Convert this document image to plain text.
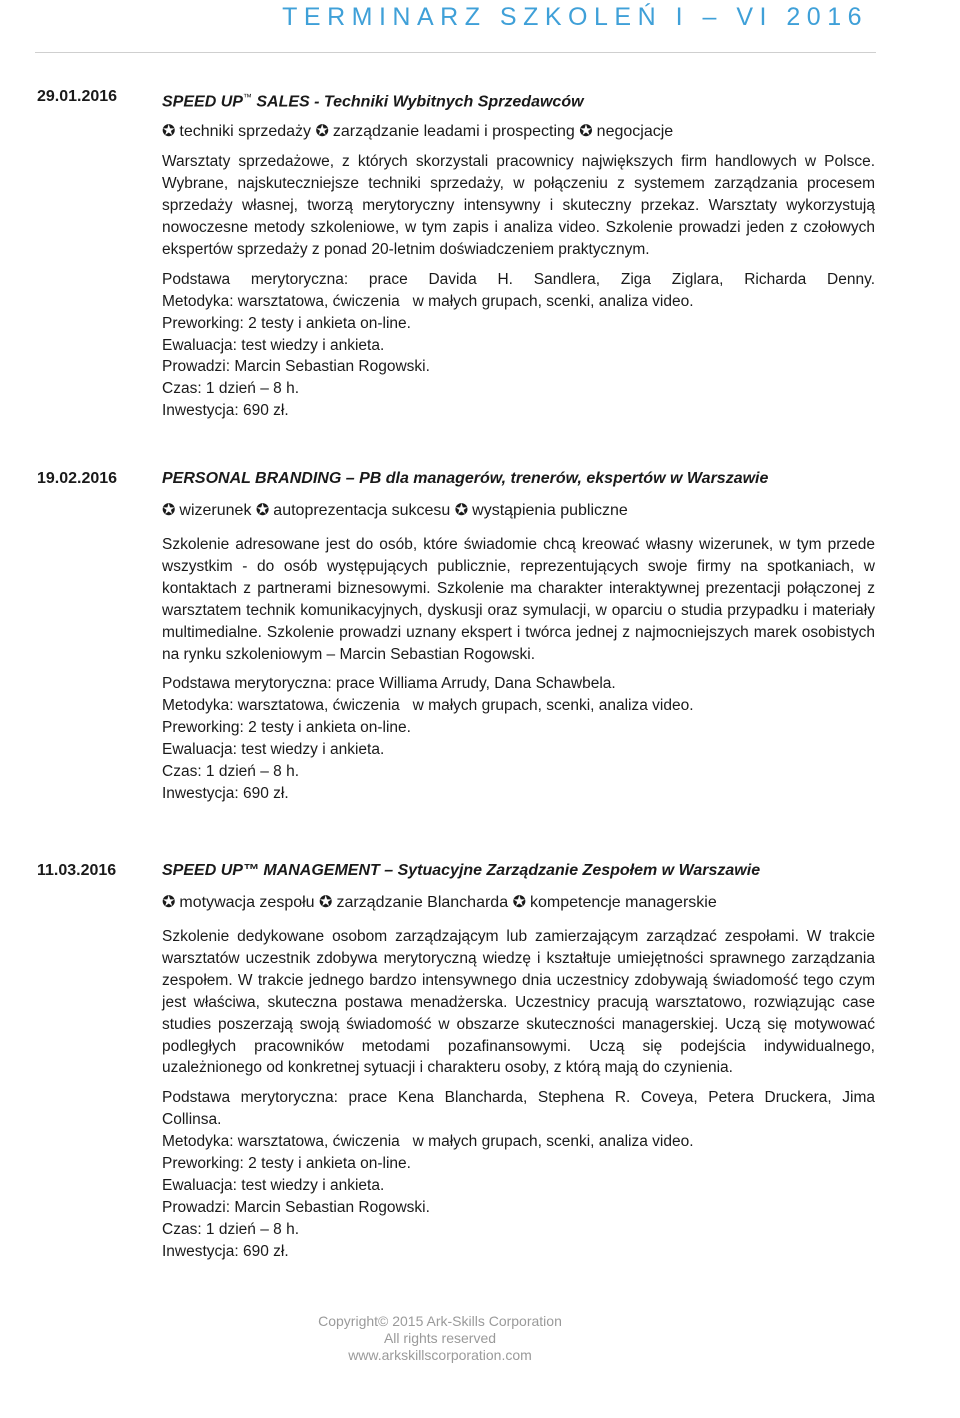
TERMINARZ SZKOLEŃ I – VI 2016
29.01.2016	SPEED UP™ SALES - Techniki Wybitnych Sprzedawców
✪ techniki sprzedaży ✪ zarządzanie leadami i prospecting ✪ negocjacje
Warsztaty sprzedażowe, z których skorzystali pracownicy największych firm handlowych w Polsce. Wybrane, najskuteczniejsze techniki sprzedaży, w połączeniu z systemem zarządzania procesem sprzedaży własnej, tworzą merytoryczny intensywny i skuteczny przekaz. Warsztaty wykorzystują nowoczesne metody szkoleniowe, w tym zapis i analiza video. Szkolenie prowadzi jeden z czołowych ekspertów sprzedaży z ponad 20-letnim doświadczeniem praktycznym.
Podstawa merytoryczna: prace Davida H. Sandlera, Ziga Ziglara, Richarda Denny.
Metodyka: warsztatowa, ćwiczenia   w małych grupach, scenki, analiza video.
Preworking: 2 testy i ankieta on-line.
Ewaluacja: test wiedzy i ankieta.
Prowadzi: Marcin Sebastian Rogowski.
Czas: 1 dzień – 8 h.
Inwestycja: 690 zł.
19.02.2016	PERSONAL BRANDING – PB dla managerów, trenerów, ekspertów w Warszawie
✪ wizerunek ✪ autoprezentacja sukcesu ✪ wystąpienia publiczne
Szkolenie adresowane jest do osób, które świadomie chcą kreować własny wizerunek, w tym przede wszystkim - do osób występujących publicznie, reprezentujących swoje firmy na spotkaniach, w kontaktach z partnerami biznesowymi. Szkolenie ma charakter interaktywnej prezentacji połączonej z warsztatem technik komunikacyjnych, dyskusji oraz symulacji, w oparciu o studia przypadku i materiały multimedialne. Szkolenie prowadzi uznany ekspert i twórca jednej z najmocniejszych marek osobistych na rynku szkoleniowym – Marcin Sebastian Rogowski.
Podstawa merytoryczna: prace Williama Arrudy, Dana Schawbela.
Metodyka: warsztatowa, ćwiczenia   w małych grupach, scenki, analiza video.
Preworking: 2 testy i ankieta on-line.
Ewaluacja: test wiedzy i ankieta.
Czas: 1 dzień – 8 h.
Inwestycja: 690 zł.
11.03.2016	SPEED UP™ MANAGEMENT – Sytuacyjne Zarządzanie Zespołem w Warszawie
✪ motywacja zespołu ✪ zarządzanie Blancharda ✪ kompetencje managerskie
Szkolenie dedykowane osobom zarządzającym lub zamierzającym zarządzać zespołami. W trakcie warsztatów uczestnik zdobywa merytoryczną wiedzę i kształtuje umiejętności sprawnego zarządzania zespołem. W trakcie jednego bardzo intensywnego dnia uczestnicy zdobywają świadomość tego czym jest właściwa, skuteczna postawa menadżerska. Uczestnicy pracują warsztatowo, rozwiązując case studies poszerzają swoją świadomość w obszarze skuteczności managerskiej. Uczą się motywować podległych pracowników metodami pozafinansowymi. Uczą się podejścia indywidualnego, uzależnionego od konkretnej sytuacji i charakteru osoby, z którą mają do czynienia.
Podstawa merytoryczna: prace Kena Blancharda, Stephena R. Coveya, Petera Druckera, Jima Collinsa.
Metodyka: warsztatowa, ćwiczenia   w małych grupach, scenki, analiza video.
Preworking: 2 testy i ankieta on-line.
Ewaluacja: test wiedzy i ankieta.
Prowadzi: Marcin Sebastian Rogowski.
Czas: 1 dzień – 8 h.
Inwestycja: 690 zł.
Copyright© 2015 Ark-Skills Corporation
All rights reserved
www.arkskillscorporation.com
